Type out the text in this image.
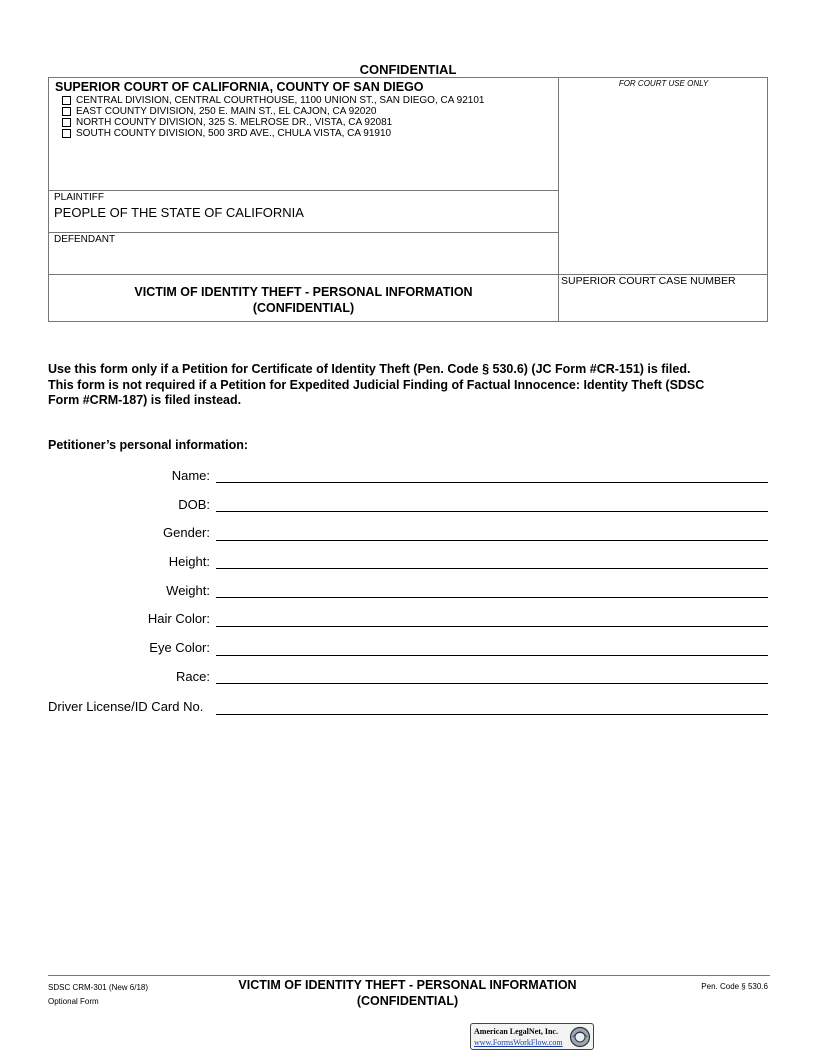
CONFIDENTIAL
SUPERIOR COURT OF CALIFORNIA, COUNTY OF SAN DIEGO
CENTRAL DIVISION, CENTRAL COURTHOUSE, 1100 UNION ST., SAN DIEGO, CA 92101
EAST COUNTY DIVISION, 250 E. MAIN ST., EL CAJON, CA 92020
NORTH COUNTY DIVISION, 325 S. MELROSE DR., VISTA, CA 92081
SOUTH COUNTY DIVISION, 500 3RD AVE., CHULA VISTA, CA 91910
FOR COURT USE ONLY
PLAINTIFF
PEOPLE OF THE STATE OF CALIFORNIA
DEFENDANT
VICTIM OF IDENTITY THEFT - PERSONAL INFORMATION
(CONFIDENTIAL)
SUPERIOR COURT CASE NUMBER
Use this form only if a Petition for Certificate of Identity Theft (Pen. Code § 530.6) (JC Form #CR-151) is filed.
This form is not required if a Petition for Expedited Judicial Finding of Factual Innocence: Identity Theft (SDSC
Form #CRM-187) is filed instead.
Petitioner’s personal information:
Name:
DOB:
Gender:
Height:
Weight:
Hair Color:
Eye Color:
Race:
Driver License/ID Card No.
SDSC CRM-301 (New 6/18)
Optional Form
VICTIM OF IDENTITY THEFT - PERSONAL INFORMATION
(CONFIDENTIAL)
Pen. Code § 530.6
American LegalNet, Inc.
www.FormsWorkFlow.com
